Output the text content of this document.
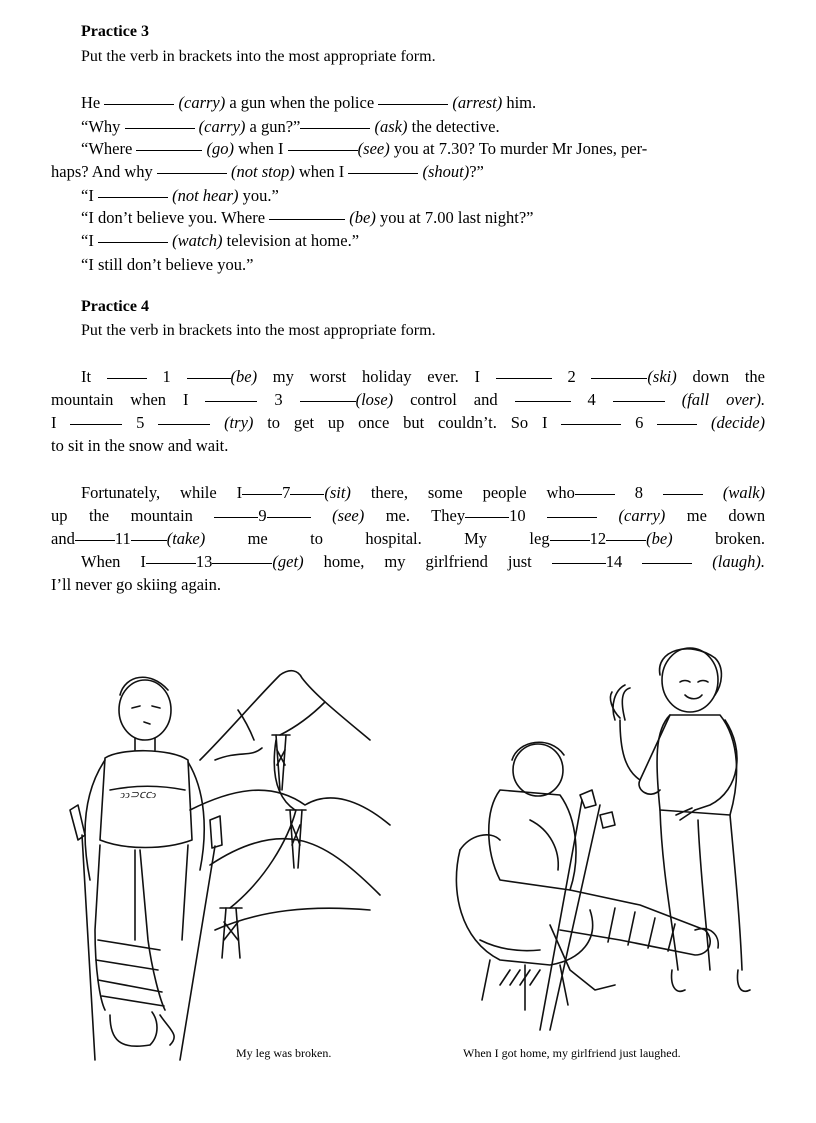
Practice 3
Put the verb in brackets into the most appropriate form.
He	(carry) a gun when the police	(arrest) him.
“Why	(carry) a gun?”	(ask) the detective.
“Where	(go) when I	(see) you at 7.30? To murder Mr Jones, per-
haps? And why	(not stop) when I	(shout)?”
“I	(not hear) you.”
“I don’t believe you. Where	(be) you at 7.00 last night?”
“I	(watch) television at home.”
“I still don’t believe you.”
Practice 4
Put the verb in brackets into the most appropriate form.
It	1	(be) my worst holiday ever. I	2	(ski) down the
mountain when I	3	(lose) control and	4	(fall over).
I	5	(try) to get up once but couldn’t. So I	6	(decide)
to sit in the snow and wait.
Fortunately, while I 7 (sit) there, some people who	8	(walk)
up the mountain	9	(see) me. They	10	(carry) me down
and 11 (take)	me to hospital. My leg 12 (be)	broken.
When I	13	(get) home, my girlfriend just	14	(laugh).
I’ll never go skiing again.
ↄↄ⊃ⅽⅽↄ
My leg was broken.	When I got home, my girlfriend just laughed.
